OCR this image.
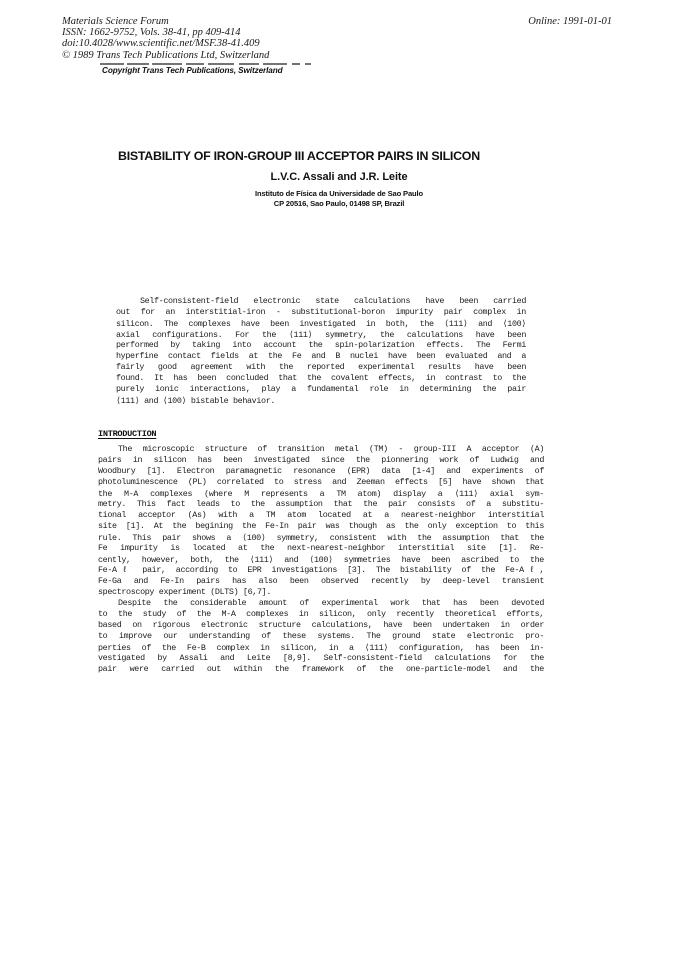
Materials Science Forum
ISSN: 1662-9752, Vols. 38-41, pp 409-414
doi:10.4028/www.scientific.net/MSF.38-41.409
© 1989 Trans Tech Publications Ltd, Switzerland
Online: 1991-01-01
Copyright Trans Tech Publications, Switzerland
BISTABILITY OF IRON-GROUP III ACCEPTOR PAIRS IN SILICON
L.V.C. Assali and J.R. Leite
Instituto de Física da Universidade de Sao Paulo
CP 20516, Sao Paulo, 01498 SP, Brazil
Self-consistent-field electronic state calculations have been carried
out for an interstitial-iron - substitutional-boron impurity pair complex in
silicon. The complexes have been investigated in both, the ⟨111⟩ and ⟨100⟩
axial configurations. For the ⟨111⟩ symmetry, the calculations have been
performed by taking into account the spin-polarization effects. The Fermi
hyperfine contact fields at the Fe and B nuclei have been evaluated and a
fairly good agreement with the reported experimental results have been
found. It has been concluded that the covalent effects, in contrast to the
purely ionic interactions, play a fundamental role in determining the pair
⟨111⟩ and ⟨100⟩ bistable behavior.
INTRODUCTION
The microscopic structure of transition metal (TM) - group-III A acceptor (A)
pairs in silicon has been investigated since the pionnering work of Ludwig and
Woodbury [1]. Electron paramagnetic resonance (EPR) data [1-4] and experiments of
photoluminescence (PL) correlated to stress and Zeeman effects [5] have shown that
the M-A complexes (where M represents a TM atom) display a ⟨111⟩ axial sym-
metry. This fact leads to the assumption that the pair consists of a substitu-
tional acceptor (As) with a TM atom located at a nearest-neighbor interstitial
site [1]. At the begining the Fe-In pair was though as the only exception to this
rule. This pair shows a ⟨100⟩ symmetry, consistent with the assumption that the
Fe impurity is located at the next-nearest-neighbor interstitial site [1]. Re-
cently, however, both, the ⟨111⟩ and ⟨100⟩ symmetries have been ascribed to the
Fe-Aℓ pair, according to EPR investigations [3]. The bistability of the Fe-Aℓ,
Fe-Ga and Fe-In pairs has also been observed recently by deep-level transient
spectroscopy experiment (DLTS) [6,7].
Despite the considerable amount of experimental work that has been devoted
to the study of the M-A complexes in silicon, only recently theoretical efforts,
based on rigorous electronic structure calculations, have been undertaken in order
to improve our understanding of these systems. The ground state electronic pro-
perties of the Fe-B complex in silicon, in a ⟨111⟩ configuration, has been in-
vestigated by Assali and Leite [8,9]. Self-consistent-field calculations for the
pair were carried out within the framework of the one-particle-model and the
